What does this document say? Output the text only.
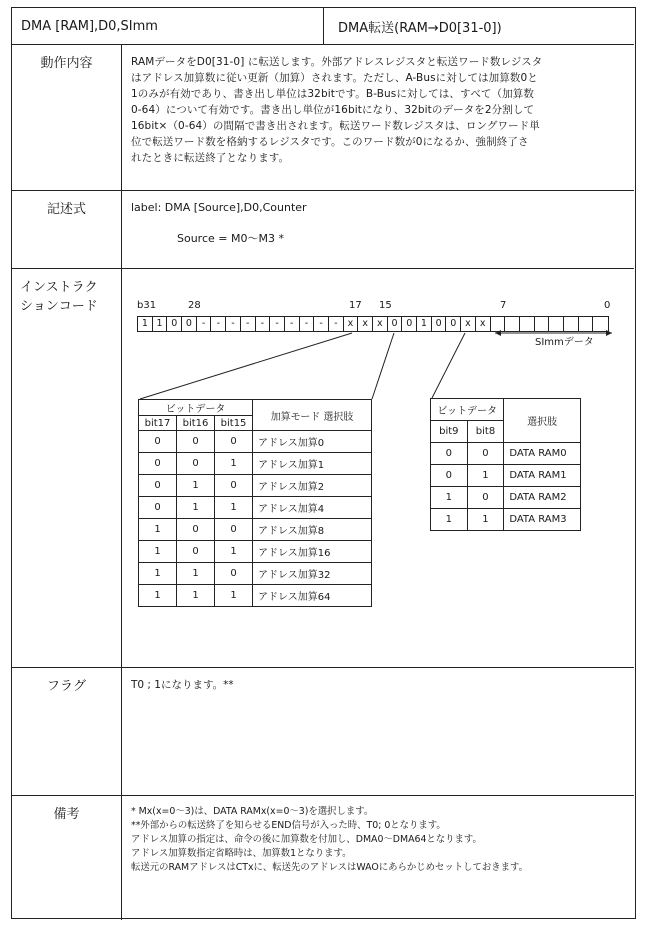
DMA [RAM],D0,SImm	DMA転送(RAM→D0[31-0])
動作内容	RAMデータをD0[31-0] に転送します。外部アドレスレジスタと転送ワード数レジスタ
はアドレス加算数に従い更新（加算）されます。ただし、A-Busに対しては加算数0と
1のみが有効であり、書き出し単位は32bitです。B-Busに対しては、すべて（加算数
0-64）について有効です。書き出し単位が16bitになり、32bitのデータを2分割して
16bit×（0-64）の間隔で書き出されます。転送ワード数レジスタは、ロングワード単
位で転送ワード数を格納するレジスタです。このワード数が0になるか、強制終了さ
れたときに転送終了となります。
記述式	label: DMA [Source],D0,Counter
Source = M0～M3 *
インストラク
ションコード
フラグ	T0 ; 1になります。**
備考	* Mx(x=0～3)は、DATA RAMx(x=0～3)を選択します。
**外部からの転送終了を知らせるEND信号が入った時、T0; 0となります。
アドレス加算の指定は、命令の後に加算数を付加し、DMA0～DMA64となります。
アドレス加算数指定省略時は、加算数1となります。
転送元のRAMアドレスはCTxに、転送先のアドレスはWAOにあらかじめセットしておきます。
b31	28	17 15	7	0
1 1 0 0	-	-	-	-	-	-	-	-	-	-	x x x 0 0 1 0 0 x x
SImmデータ
ビットデータ			加算モード 選択肢
bit17	bit16	bit15	
0	0	0	アドレス加算0
0	0	1	アドレス加算1
0	1	0	アドレス加算2
0	1	1	アドレス加算4
1	0	0	アドレス加算8
1	0	1	アドレス加算16
1	1	0	アドレス加算32
1	1	1	アドレス加算64
ビットデータ		選択肢
bit9	bit8	
0	0	DATA RAM0
0	1	DATA RAM1
1	0	DATA RAM2
1	1	DATA RAM3
